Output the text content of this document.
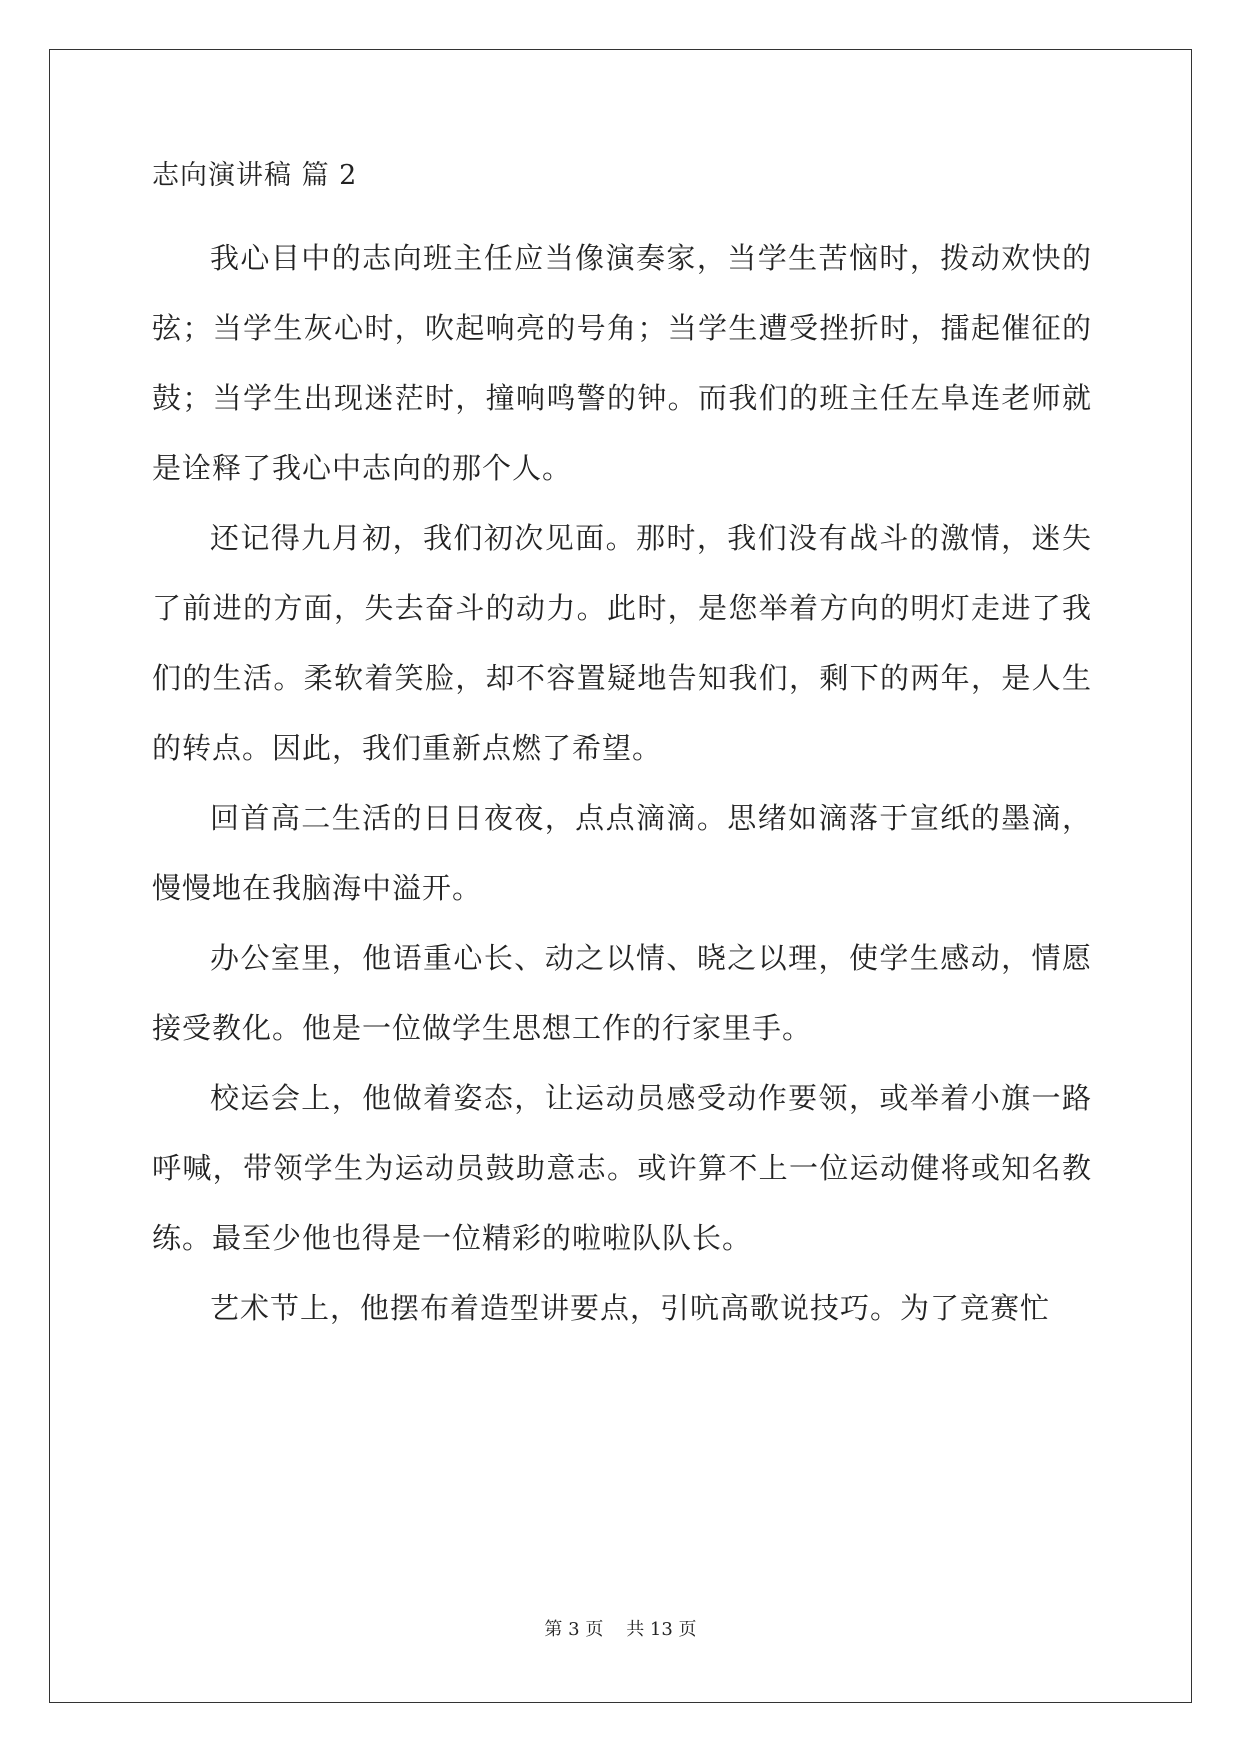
志向演讲稿 篇 2

我心目中的志向班主任应当像演奏家，当学生苦恼时，拨动欢快的弦；当学生灰心时，吹起响亮的号角；当学生遭受挫折时，擂起催征的鼓；当学生出现迷茫时，撞响鸣警的钟。而我们的班主任左阜连老师就是诠释了我心中志向的那个人。

还记得九月初，我们初次见面。那时，我们没有战斗的激情，迷失了前进的方面，失去奋斗的动力。此时，是您举着方向的明灯走进了我们的生活。柔软着笑脸，却不容置疑地告知我们，剩下的两年，是人生的转点。因此，我们重新点燃了希望。

回首高二生活的日日夜夜，点点滴滴。思绪如滴落于宣纸的墨滴，慢慢地在我脑海中溢开。

办公室里，他语重心长、动之以情、晓之以理，使学生感动，情愿接受教化。他是一位做学生思想工作的行家里手。

校运会上，他做着姿态，让运动员感受动作要领，或举着小旗一路呼喊，带领学生为运动员鼓助意志。或许算不上一位运动健将或知名教练。最至少他也得是一位精彩的啦啦队队长。

艺术节上，他摆布着造型讲要点，引吭高歌说技巧。为了竞赛忙

第 3 页    共 13 页
